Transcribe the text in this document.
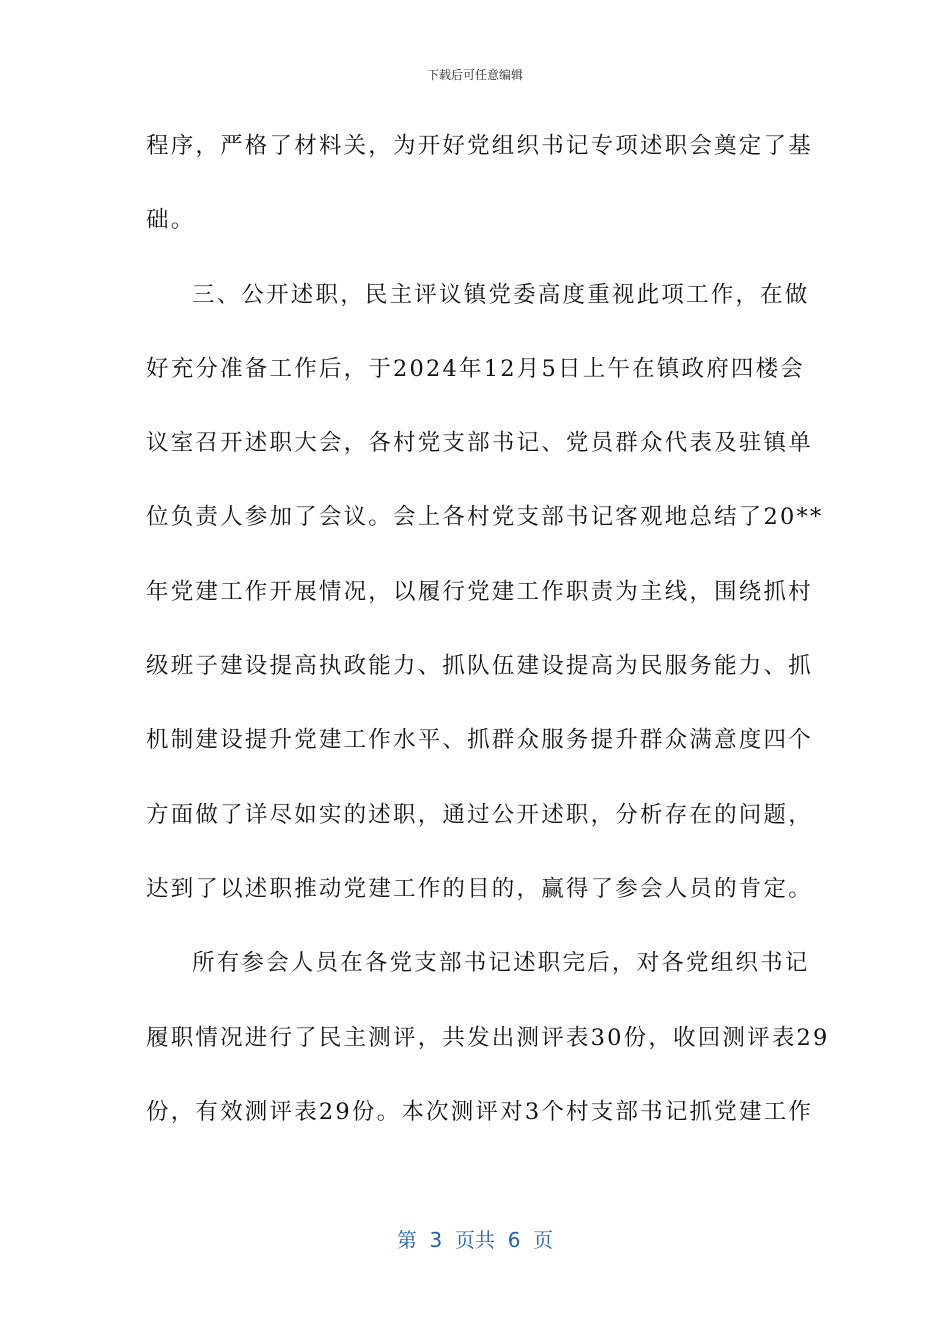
下载后可任意编辑
程序，严格了材料关，为开好党组织书记专项述职会奠定了基
础。
三、公开述职，民主评议镇党委高度重视此项工作，在做
好充分准备工作后，于2024年12月5日上午在镇政府四楼会
议室召开述职大会，各村党支部书记、党员群众代表及驻镇单
位负责人参加了会议。会上各村党支部书记客观地总结了20**
年党建工作开展情况，以履行党建工作职责为主线，围绕抓村
级班子建设提高执政能力、抓队伍建设提高为民服务能力、抓
机制建设提升党建工作水平、抓群众服务提升群众满意度四个
方面做了详尽如实的述职，通过公开述职，分析存在的问题，
达到了以述职推动党建工作的目的，赢得了参会人员的肯定。
所有参会人员在各党支部书记述职完后，对各党组织书记
履职情况进行了民主测评，共发出测评表30份，收回测评表29
份，有效测评表29份。本次测评对3个村支部书记抓党建工作
第  3  页共  6  页
